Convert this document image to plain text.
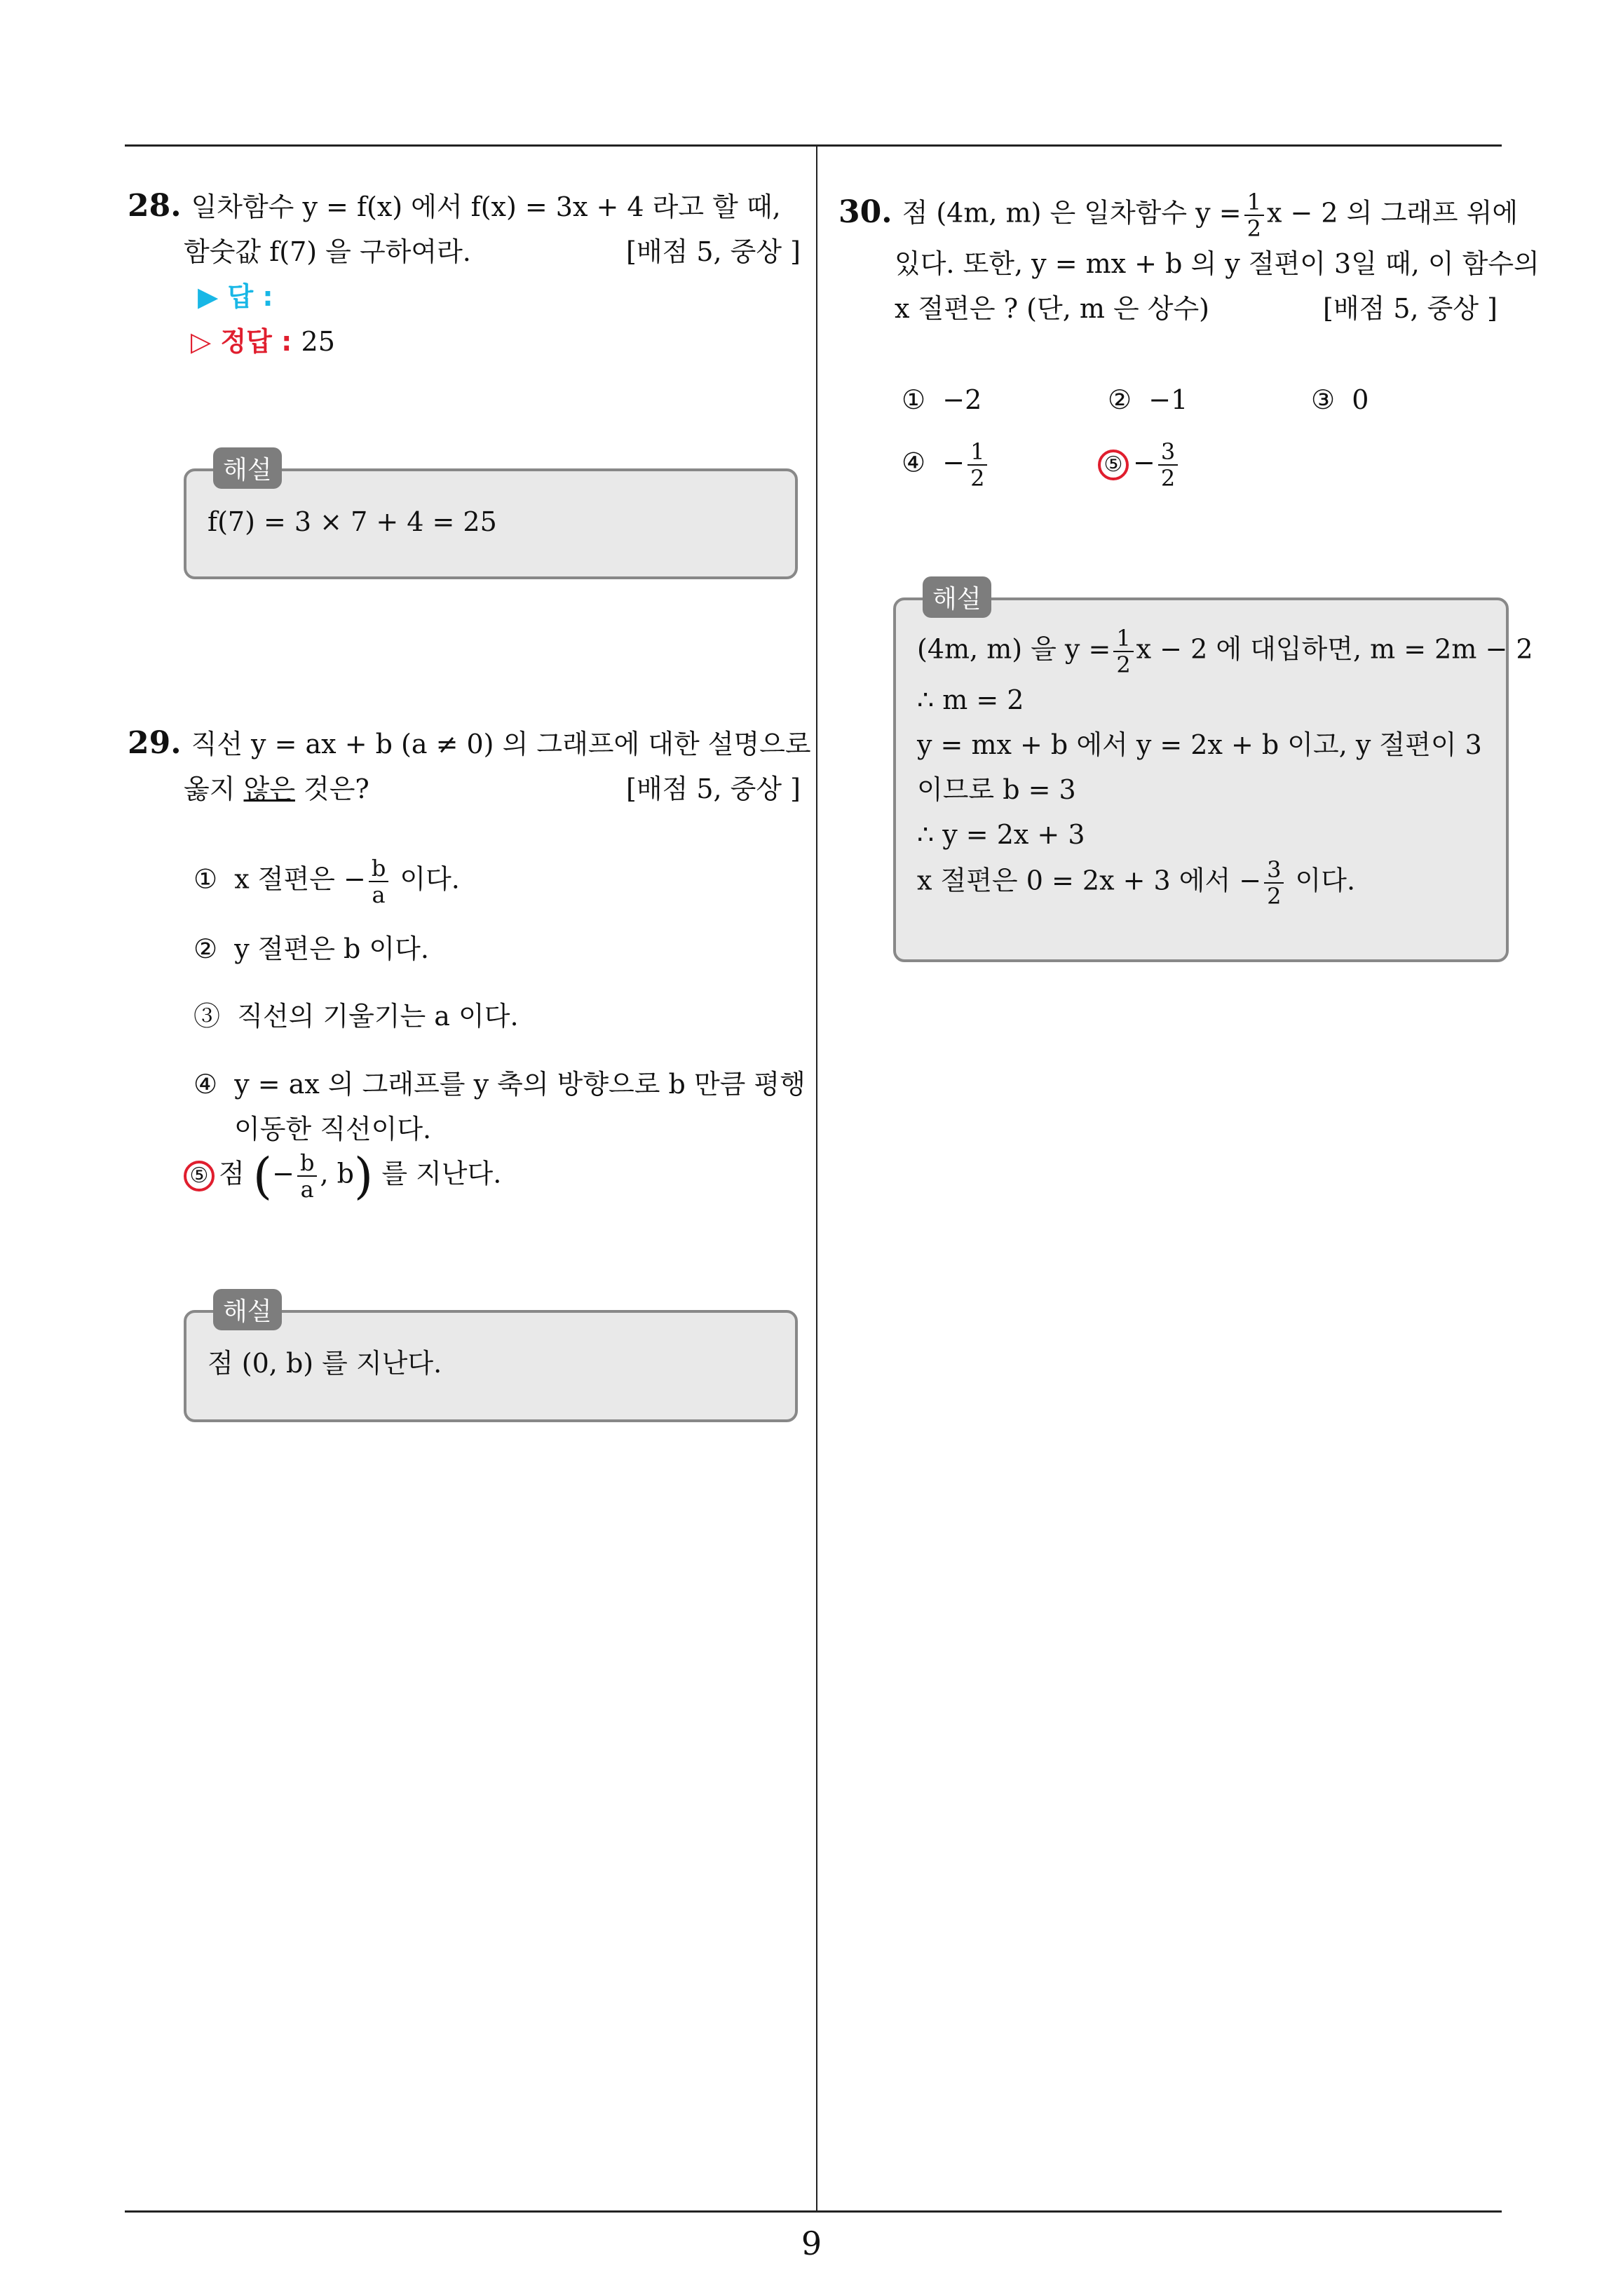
28. 일차함수 y = f(x) 에서 f(x) = 3x + 4 라고 할 때,
함숫값 f(7) 을 구하여라.	[배점 5, 중상 ]
▶ 답 :
▷ 정답 : 25
해설
f(7) = 3 × 7 + 4 = 25
29. 직선 y = ax + b (a ≠ 0) 의 그래프에 대한 설명으로
옳지 않은 것은?	[배점 5, 중상 ]
① x 절편은 − $\frac{b}{a}$ 이다.
② y 절편은 b 이다.
③ 직선의 기울기는 a 이다.
④ y = ax 의 그래프를 y 축의 방향으로 b 만큼 평행
이동한 직선이다.
⑤ 점 (− $\frac{b}{a}$ , b) 를 지난다.
해설
점 (0, b) 를 지난다.
30. 점 (4m, m) 은 일차함수 $y = \frac{1}{2}$ x − 2 의 그래프 위에
있다. 또한, y = mx + b 의 y 절편이 3일 때, 이 함수의
x 절편은 ? (단, m 은 상수)	[배점 5, 중상 ]
① −2	② −1	③ 0
④ − $\frac{1}{2}$	⑤ − $\frac{3}{2}$
해설
(4m, m) 을 $y = \frac{1}{2}$ x − 2 에 대입하면, m = 2m − 2
∴ m = 2
y = mx + b 에서 y = 2x + b 이고, y 절편이 3
이므로 b = 3
∴ y = 2x + 3
x 절편은 0 = 2x + 3 에서 − $\frac{3}{2}$ 이다.
9
